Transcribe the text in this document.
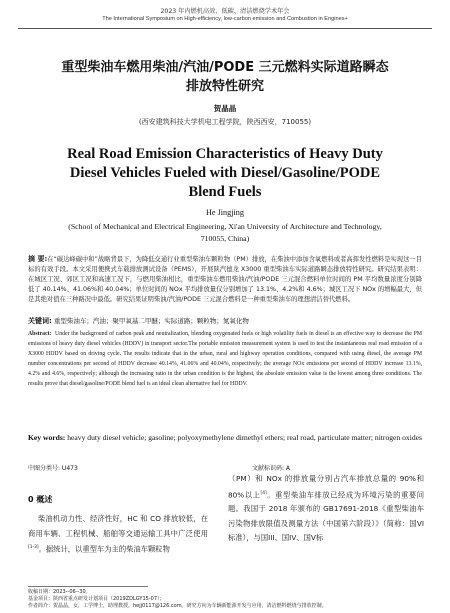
2023 年内燃机高效、低碳、清洁燃烧学术年会
The International Symposium on High-efficiency, low-carbon emission and Combustion in Engines+
重型柴油车燃用柴油/汽油/PODE 三元燃料实际道路瞬态
排放特性研究
贺晶晶
(西安建筑科技大学机电工程学院，陕西西安，710055)
Real Road Emission Characteristics of Heavy Duty
Diesel Vehicles Fueled with Diesel/Gasoline/PODE
Blend Fuels
He Jingjing
(School of Mechanical and Electrical Engineering, Xi'an University of Architecture and Technology,
710055, China)
摘 要:在“碳达峰碳中和”战略背景下，为降低交通行业重型柴油车颗粒物（PM）排放，在柴油中添加含氧燃料或者高挥发性燃料是实现这一目标的有效手段。本文采用便携式车载排放测试设备（PEMS），开展陕汽德龙 X3000 重型柴油车实际道路瞬态排放特性研究。研究结果表明：在城区工况、郊区工况和高速工况下，与燃用柴油相比，重型柴油车燃用柴油/汽油/PODE 三元混合燃料单位时间的 PM 平均数量浓度分别降低了 40.14%、41.06%和 40.04%；单位时间的 NOx 平均排放量仅分别增加了 13.1%、4.2%和 4.6%；城区工况下 NOx 的增幅最大，但是其绝对值在三种路况中最低。研究结果证明柴油/汽油/PODE 三元混合燃料是一种重型柴油车的理想清洁替代燃料。
关键词: 重型柴油车；汽油；聚甲氧基二甲醚；实际道路；颗粒物；氮氧化物
Abstract: Under the background of carbon peak and neutralization, blending oxygenated fuels or high volatility fuels in diesel is an effective way to decrease the PM emissions of heavy duty diesel vehicles (HDDV) in transport sector.The portable emission measurement system is used to test the instantaneous real road emission of a X3000 HDDV based on driving cycle. The results indicate that in the urban, rural and highway operation conditions, compared with using diesel, the average PM number concentrations per second of HDDV decrease 40.14%, 41.06% and 40.04%, respectively; the average NOx emissions per second of HDDV increase 13.1%, 4.2% and 4.6%, respectively; although the increasing ratio in the urban condition is the highest, the absolute emission value is the lowest among three conditions. The results prove that diesel/gasoline/PODE blend fuel is an ideal clean alternative fuel for HDDV.
Key words: heavy duty diesel vehicle; gasoline; polyoxymethylene dimethyl ethers; real road, particulate matter; nitrogen oxides
中图分类号: U473	文献标识码: A
0 概述
柴油机动力性、经济性好，HC 和 CO 排放较低，在商用车辆、工程机械、船舶等交通运输工具中广泛使用[1-3]。据统计，以重型车为主的柴油车颗粒物
（PM）和 NOx 的排放量分别占汽车排放总量的 90%和 80%以上[4]。重型柴油车排放已经成为环境污染的重要问题。我国于 2018 年颁布的 GB17691-2018《重型柴油车污染物排放限值及测量方法（中国第六阶段）》（简称：国VI标准），与国III、国IV、国V标
收稿日期：2023--06--30。
基金项目：陕西省重点研发计划项目（2019ZDLGY15-07）；
作者简介：贺晶晶，女，工学博士，助理教授，hejj0117@126.com。研究方向为车辆新能源开发与应用，清洁燃料燃烧与排放控制。
